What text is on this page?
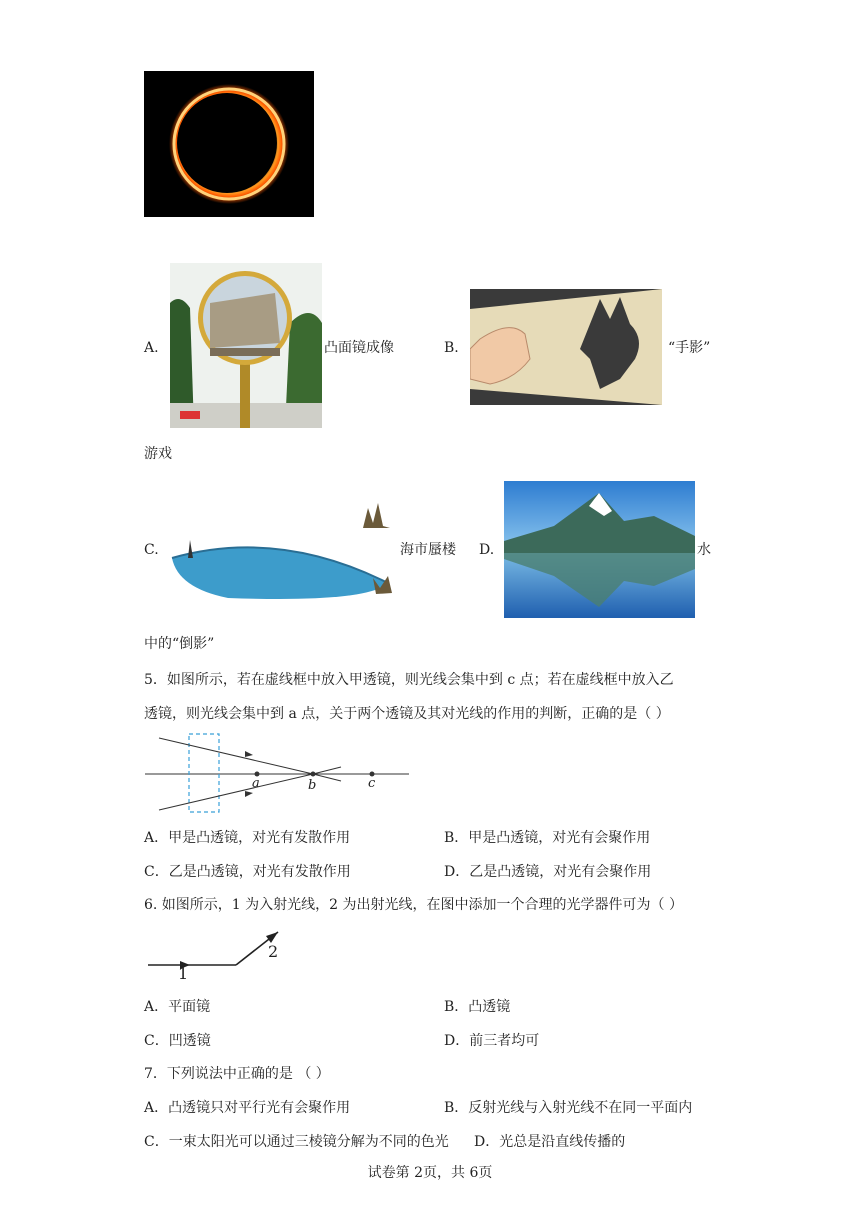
A.	凸面镜成像	B.	“手影”
游戏
C.	海市蜃楼 D.	水
中的“倒影”
5．如图所示，若在虚线框中放入甲透镜，则光线会集中到 c 点；若在虚线框中放入乙
透镜，则光线会集中到 a 点，关于两个透镜及其对光线的作用的判断，正确的是（ ）
a	b	c
A．甲是凸透镜，对光有发散作用	B．甲是凸透镜，对光有会聚作用
C．乙是凸透镜，对光有发散作用	D．乙是凸透镜，对光有会聚作用
6. 如图所示，1 为入射光线，2 为出射光线，在图中添加一个合理的光学器件可为（ ）
1
2
A．平面镜	B．凸透镜
C．凹透镜	D．前三者均可
7．下列说法中正确的是 （ ）
A．凸透镜只对平行光有会聚作用	B．反射光线与入射光线不在同一平面内
C．一束太阳光可以通过三棱镜分解为不同的色光 D．光总是沿直线传播的
试卷第 2页，共 6页
